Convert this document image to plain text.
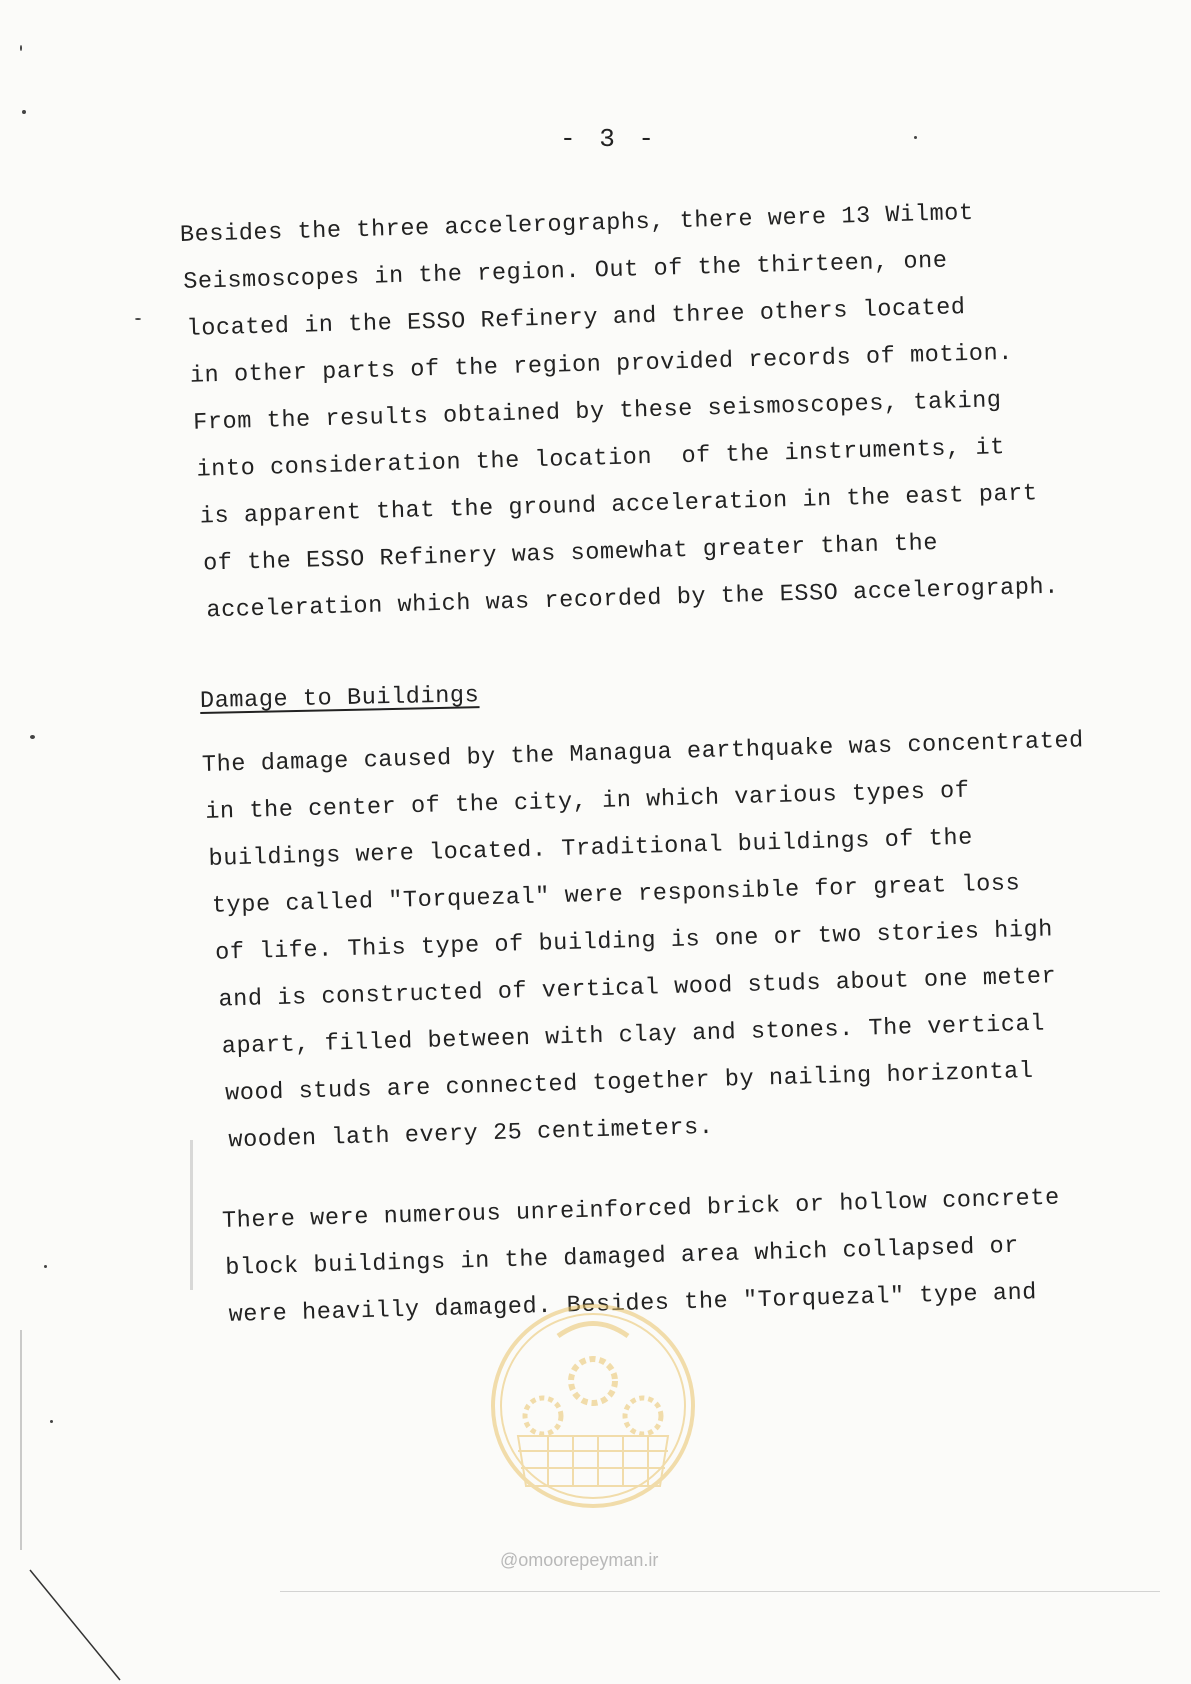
- 3 -
Besides the three accelerographs, there were 13 Wilmot
Seismoscopes in the region. Out of the thirteen, one
located in the ESSO Refinery and three others located
in other parts of the region provided records of motion.
From the results obtained by these seismoscopes, taking
into consideration the location  of the instruments, it
is apparent that the ground acceleration in the east part
of the ESSO Refinery was somewhat greater than the
acceleration which was recorded by the ESSO accelerograph.
Damage to Buildings
The damage caused by the Managua earthquake was concentrated
in the center of the city, in which various types of
buildings were located. Traditional buildings of the
type called "Torquezal" were responsible for great loss
of life. This type of building is one or two stories high
and is constructed of vertical wood studs about one meter
apart, filled between with clay and stones. The vertical
wood studs are connected together by nailing horizontal
wooden lath every 25 centimeters.
There were numerous unreinforced brick or hollow concrete
block buildings in the damaged area which collapsed or
were heavilly damaged. Besides the "Torquezal" type and
@omoorepeyman.ir
